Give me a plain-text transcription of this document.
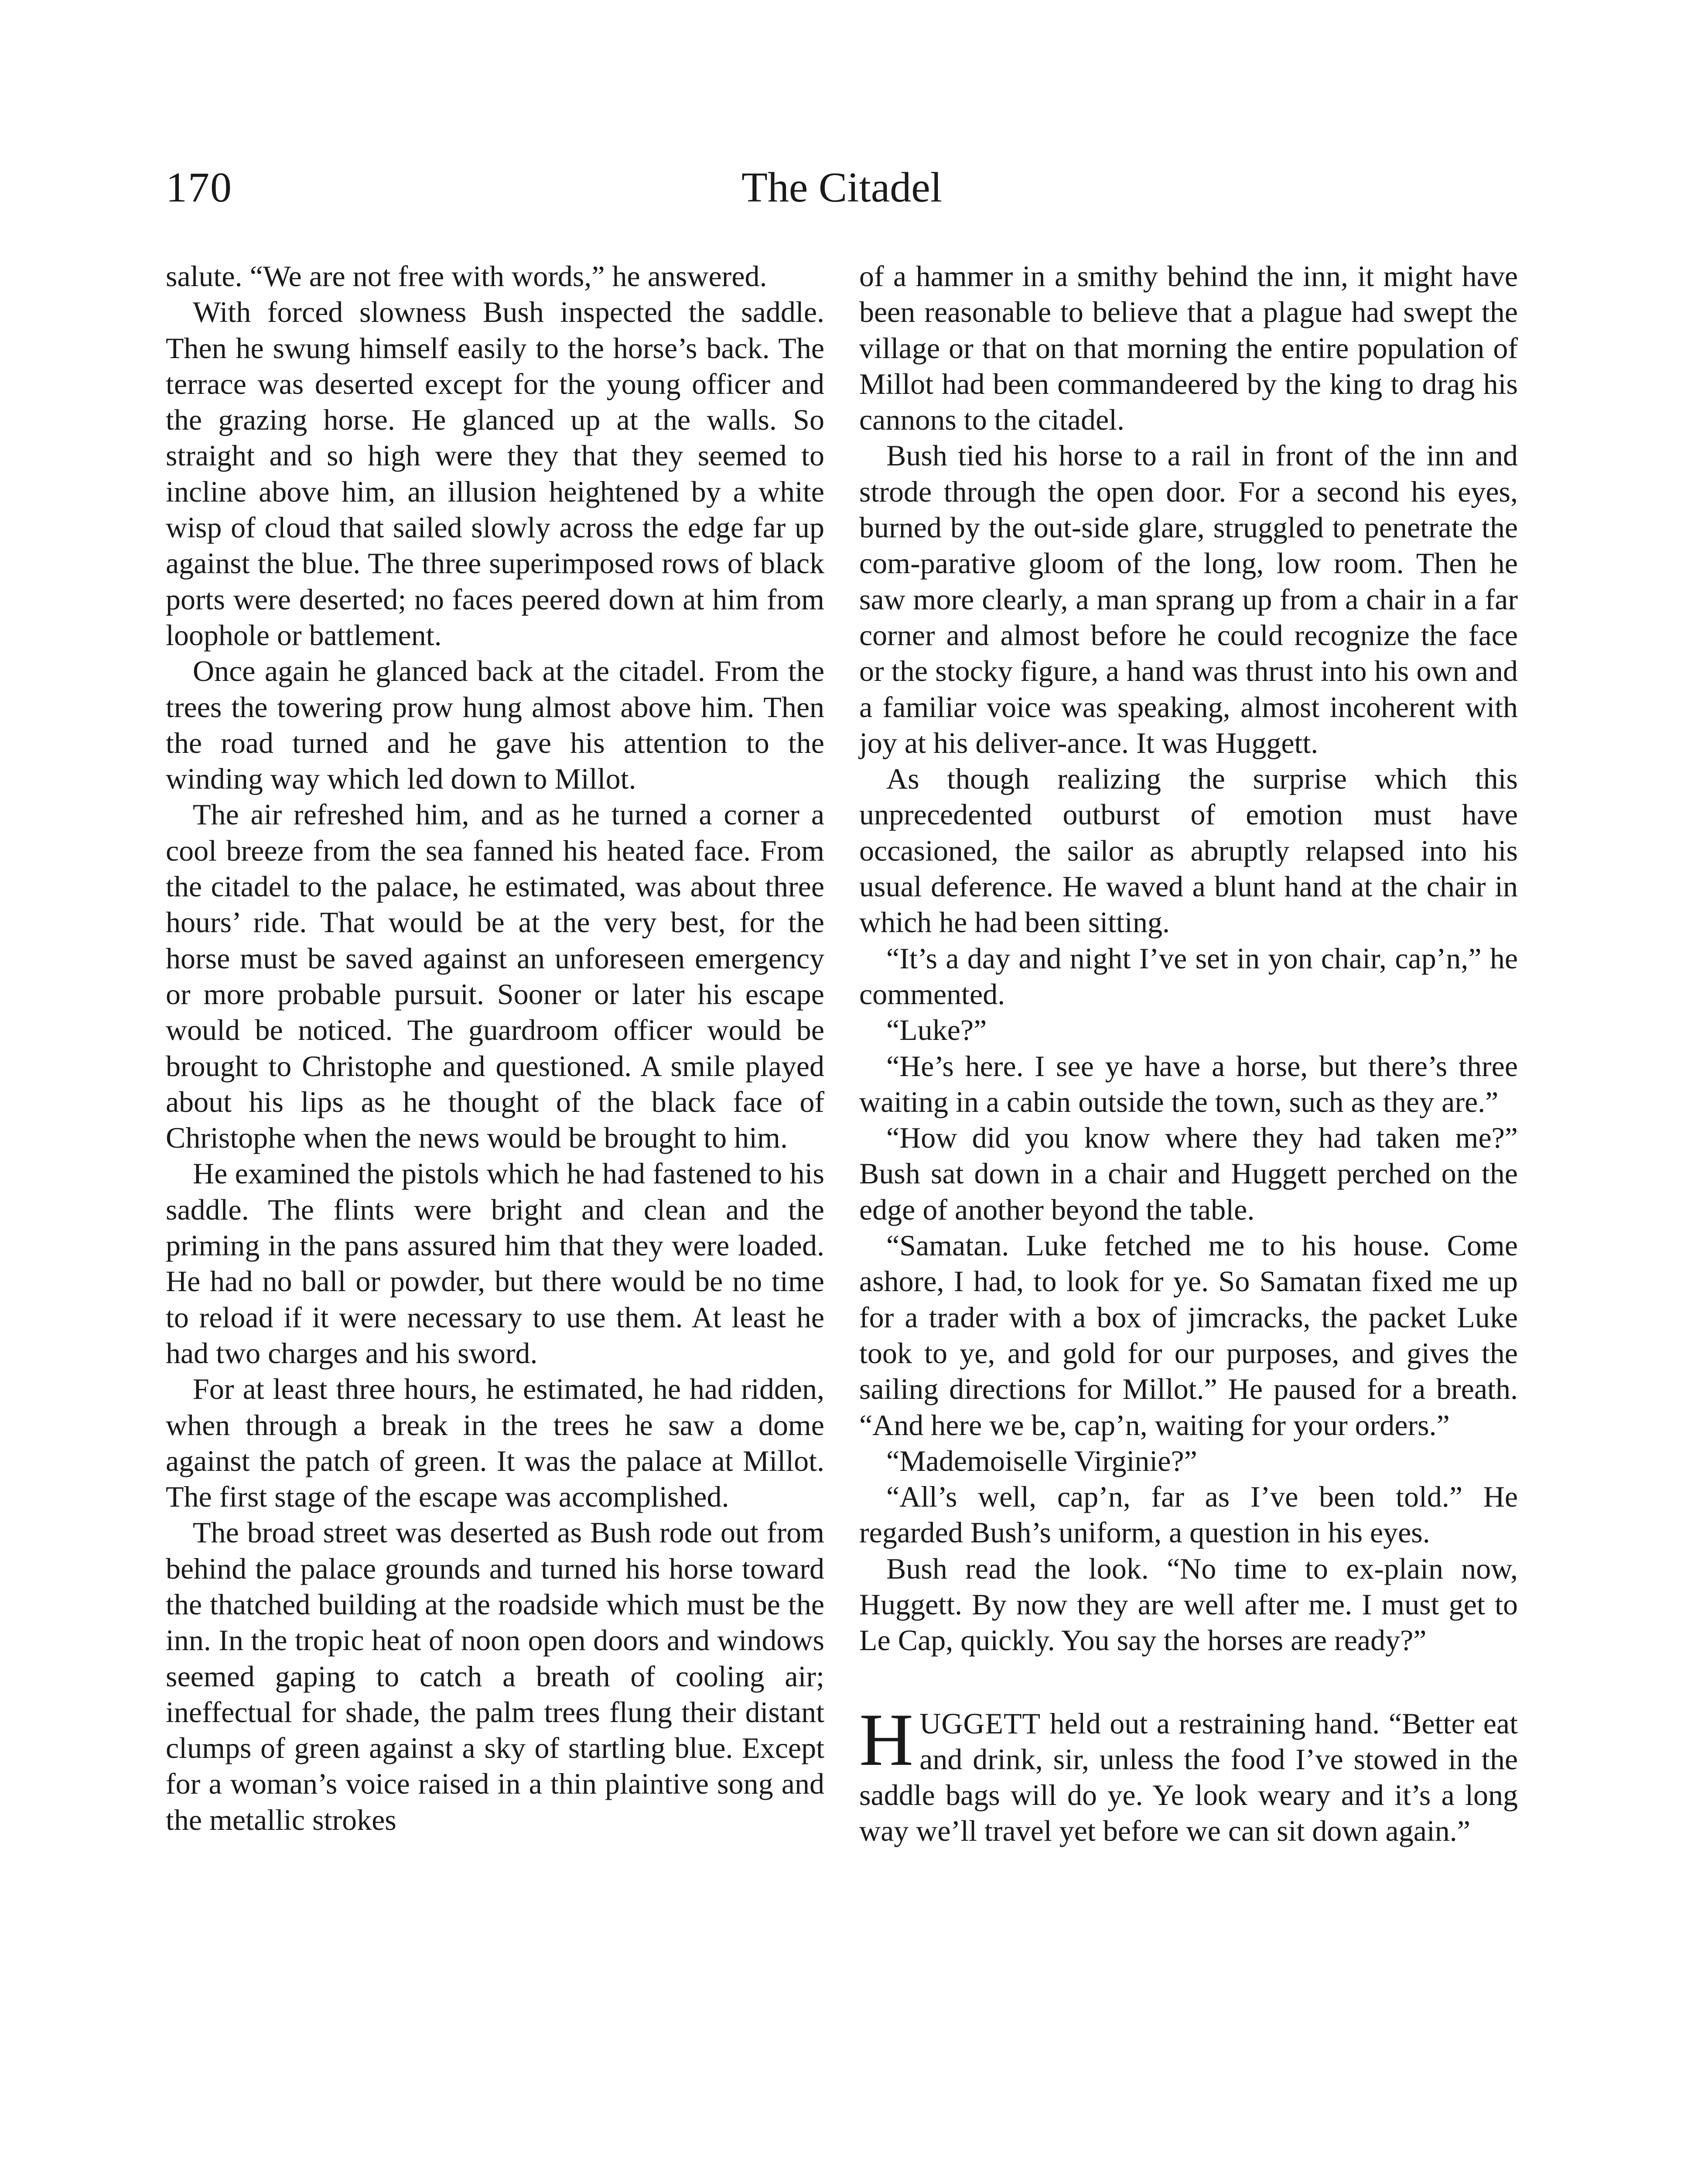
170	The Citadel

salute. “We are not free with words,” he answered.

With forced slowness Bush inspected the saddle. Then he swung himself easily to the horse’s back. The terrace was deserted except for the young officer and the grazing horse. He glanced up at the walls. So straight and so high were they that they seemed to incline above him, an illusion heightened by a white wisp of cloud that sailed slowly across the edge far up against the blue. The three superimposed rows of black ports were deserted; no faces peered down at him from loophole or battlement.

Once again he glanced back at the citadel. From the trees the towering prow hung almost above him. Then the road turned and he gave his attention to the winding way which led down to Millot.

The air refreshed him, and as he turned a corner a cool breeze from the sea fanned his heated face. From the citadel to the palace, he estimated, was about three hours’ ride. That would be at the very best, for the horse must be saved against an unforeseen emergency or more probable pursuit. Sooner or later his escape would be noticed. The guardroom officer would be brought to Christophe and questioned. A smile played about his lips as he thought of the black face of Christophe when the news would be brought to him.

He examined the pistols which he had fastened to his saddle. The flints were bright and clean and the priming in the pans assured him that they were loaded. He had no ball or powder, but there would be no time to reload if it were necessary to use them. At least he had two charges and his sword.

For at least three hours, he estimated, he had ridden, when through a break in the trees he saw a dome against the patch of green. It was the palace at Millot. The first stage of the escape was accomplished.

The broad street was deserted as Bush rode out from behind the palace grounds and turned his horse toward the thatched building at the roadside which must be the inn. In the tropic heat of noon open doors and windows seemed gaping to catch a breath of cooling air; ineffectual for shade, the palm trees flung their distant clumps of green against a sky of startling blue. Except for a woman’s voice raised in a thin plaintive song and the metallic strokes

of a hammer in a smithy behind the inn, it might have been reasonable to believe that a plague had swept the village or that on that morning the entire population of Millot had been commandeered by the king to drag his cannons to the citadel.

Bush tied his horse to a rail in front of the inn and strode through the open door. For a second his eyes, burned by the out-side glare, struggled to penetrate the com-parative gloom of the long, low room. Then he saw more clearly, a man sprang up from a chair in a far corner and almost before he could recognize the face or the stocky figure, a hand was thrust into his own and a familiar voice was speaking, almost incoherent with joy at his deliver-ance. It was Huggett.

As though realizing the surprise which this unprecedented outburst of emotion must have occasioned, the sailor as abruptly relapsed into his usual deference. He waved a blunt hand at the chair in which he had been sitting.

“It’s a day and night I’ve set in yon chair, cap’n,” he commented.

“Luke?”

“He’s here. I see ye have a horse, but there’s three waiting in a cabin outside the town, such as they are.”

“How did you know where they had taken me?” Bush sat down in a chair and Huggett perched on the edge of another beyond the table.

“Samatan. Luke fetched me to his house. Come ashore, I had, to look for ye. So Samatan fixed me up for a trader with a box of jimcracks, the packet Luke took to ye, and gold for our purposes, and gives the sailing directions for Millot.” He paused for a breath. “And here we be, cap’n, waiting for your orders.”

“Mademoiselle Virginie?”

“All’s well, cap’n, far as I’ve been told.” He regarded Bush’s uniform, a question in his eyes.

Bush read the look. “No time to ex-plain now, Huggett. By now they are well after me. I must get to Le Cap, quickly. You say the horses are ready?”

HUGGETT held out a restraining hand. “Better eat and drink, sir, unless the food I’ve stowed in the saddle bags will do ye. Ye look weary and it’s a long way we’ll travel yet before we can sit down again.”
